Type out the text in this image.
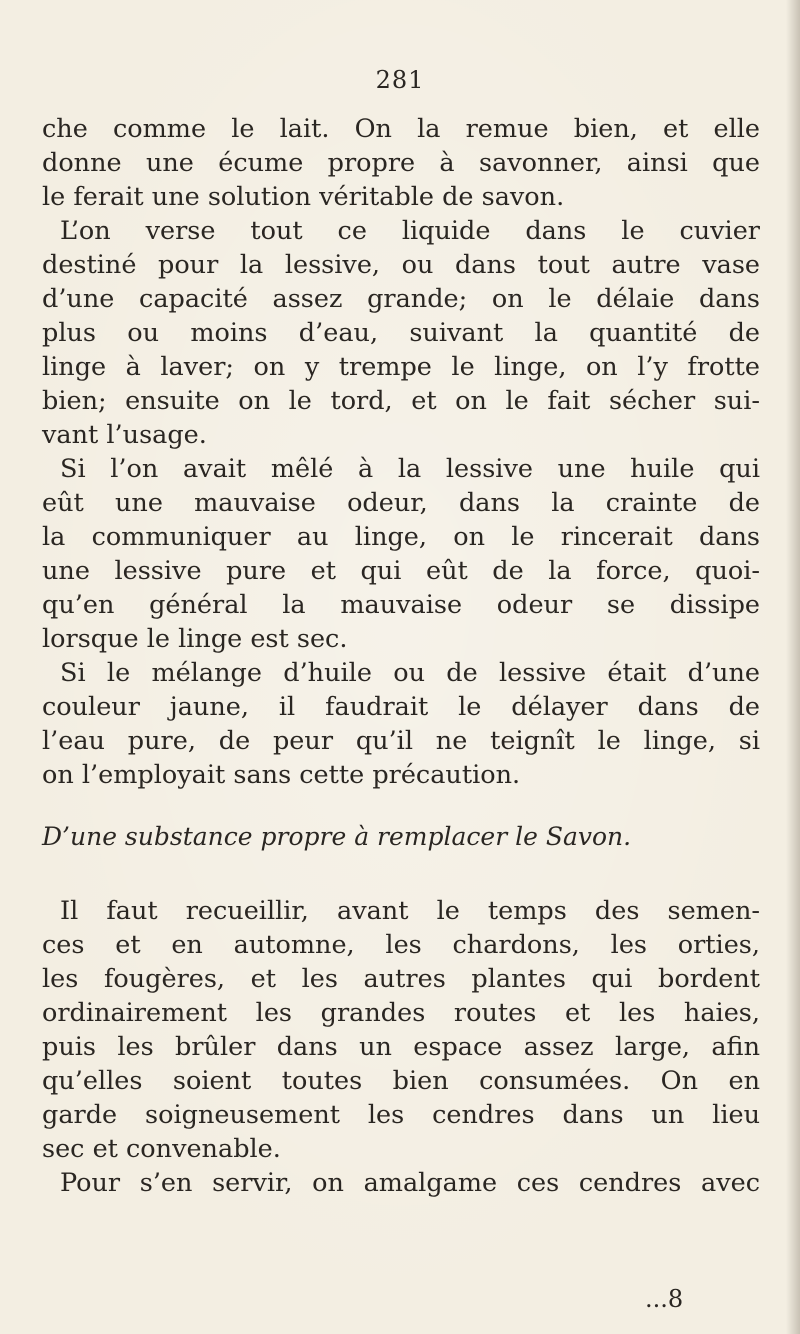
281
che comme le lait. On la remue bien, et elle
donne une écume propre à savonner, ainsi que
le ferait une solution véritable de savon.
L’on verse tout ce liquide dans le cuvier
destiné pour la lessive, ou dans tout autre vase
d’une capacité assez grande; on le délaie dans
plus ou moins d’eau, suivant la quantité de
linge à laver; on y trempe le linge, on l’y frotte
bien; ensuite on le tord, et on le fait sécher sui-
vant l’usage.
Si l’on avait mêlé à la lessive une huile qui
eût une mauvaise odeur, dans la crainte de
la communiquer au linge, on le rincerait dans
une lessive pure et qui eût de la force, quoi-
qu’en général la mauvaise odeur se dissipe
lorsque le linge est sec.
Si le mélange d’huile ou de lessive était d’une
couleur jaune, il faudrait le délayer dans de
l’eau pure, de peur qu’il ne teignît le linge, si
on l’employait sans cette précaution.
D’une substance propre à remplacer le Savon.
Il faut recueillir, avant le temps des semen-
ces et en automne, les chardons, les orties,
les fougères, et les autres plantes qui bordent
ordinairement les grandes routes et les haies,
puis les brûler dans un espace assez large, afin
qu’elles soient toutes bien consumées. On en
garde soigneusement les cendres dans un lieu
sec et convenable.
Pour s’en servir, on amalgame ces cendres avec
...8
